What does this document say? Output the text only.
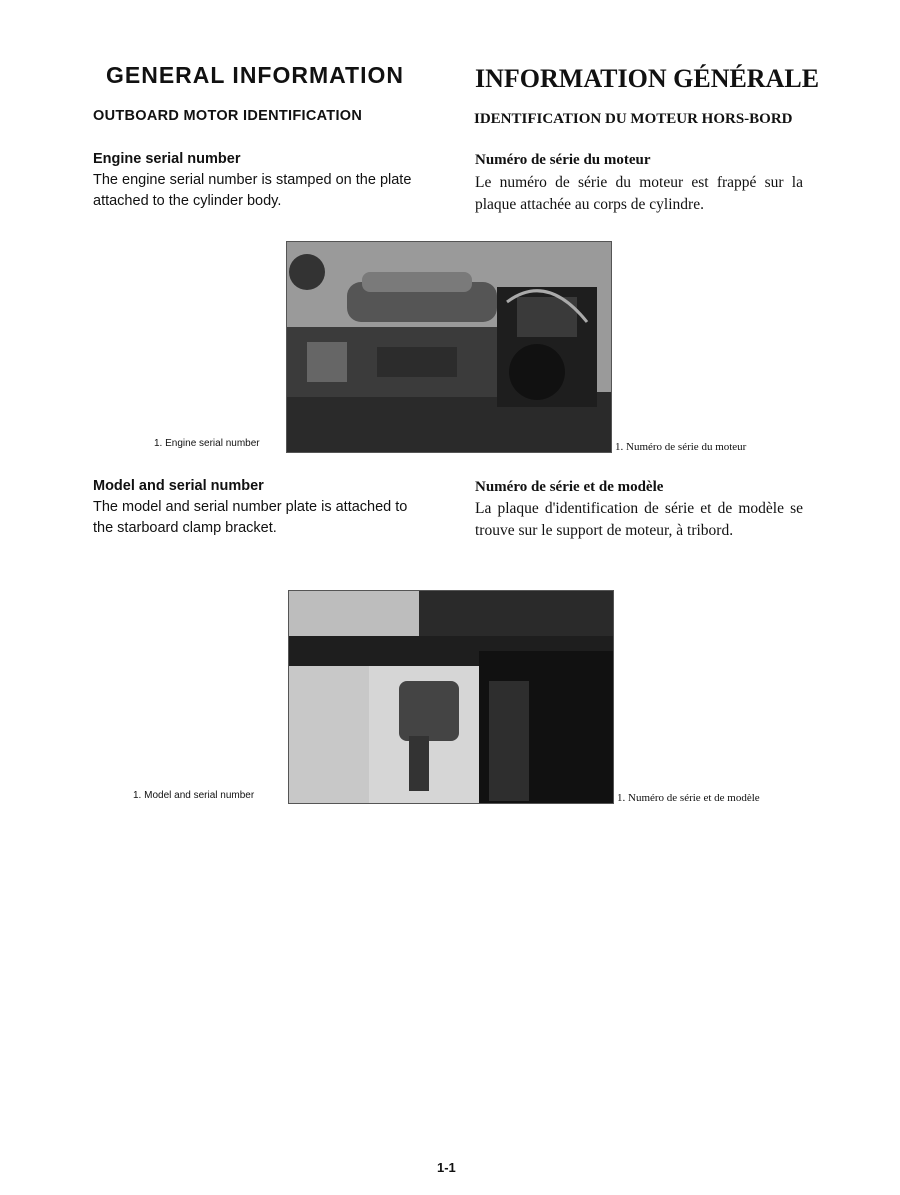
GENERAL INFORMATION	INFORMATION GÉNÉRALE
OUTBOARD MOTOR IDENTIFICATION	IDENTIFICATION DU MOTEUR HORS-BORD
Engine serial number
The engine serial number is stamped on the plate attached to the cylinder body.
Numéro de série du moteur
Le numéro de série du moteur est frappé sur la plaque attachée au corps de cylindre.
1. Engine serial number	1. Numéro de série du moteur
Model and serial number
The model and serial number plate is attached to the starboard clamp bracket.
Numéro de série et de modèle
La plaque d'identification de série et de modèle se trouve sur le support de moteur, à tribord.
1. Model and serial number	1. Numéro de série et de modèle
1-1
